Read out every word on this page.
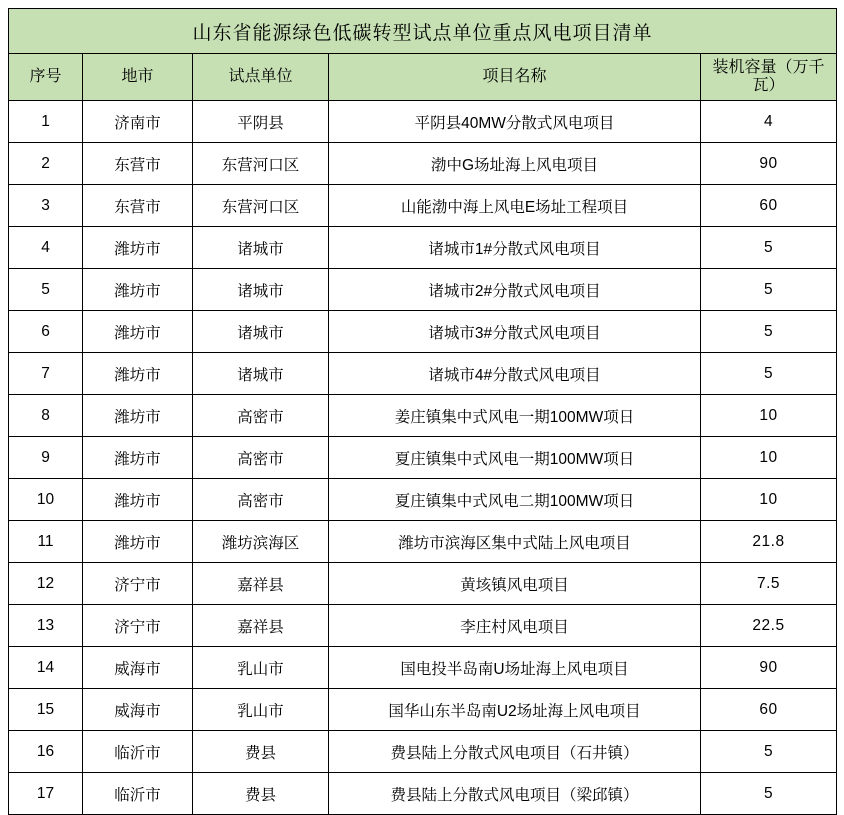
山东省能源绿色低碳转型试点单位重点风电项目清单				
序号	地市	试点单位	项目名称	装机容量（万千瓦）
1	济南市	平阴县	平阴县40MW分散式风电项目	4
2	东营市	东营河口区	渤中G场址海上风电项目	90
3	东营市	东营河口区	山能渤中海上风电E场址工程项目	60
4	潍坊市	诸城市	诸城市1#分散式风电项目	5
5	潍坊市	诸城市	诸城市2#分散式风电项目	5
6	潍坊市	诸城市	诸城市3#分散式风电项目	5
7	潍坊市	诸城市	诸城市4#分散式风电项目	5
8	潍坊市	高密市	姜庄镇集中式风电一期100MW项日	10
9	潍坊市	高密市	夏庄镇集中式风电一期100MW项日	10
10	潍坊市	高密市	夏庄镇集中式风电二期100MW项日	10
11	潍坊市	潍坊滨海区	潍坊市滨海区集中式陆上风电项目	21.8
12	济宁市	嘉祥县	黄垓镇风电项目	7.5
13	济宁市	嘉祥县	李庄村风电项目	22.5
14	威海市	乳山市	国电投半岛南U场址海上风电项目	90
15	威海市	乳山市	国华山东半岛南U2场址海上风电项目	60
16	临沂市	费县	费县陆上分散式风电项目（石井镇）	5
17	临沂市	费县	费县陆上分散式风电项目（梁邱镇）	5
